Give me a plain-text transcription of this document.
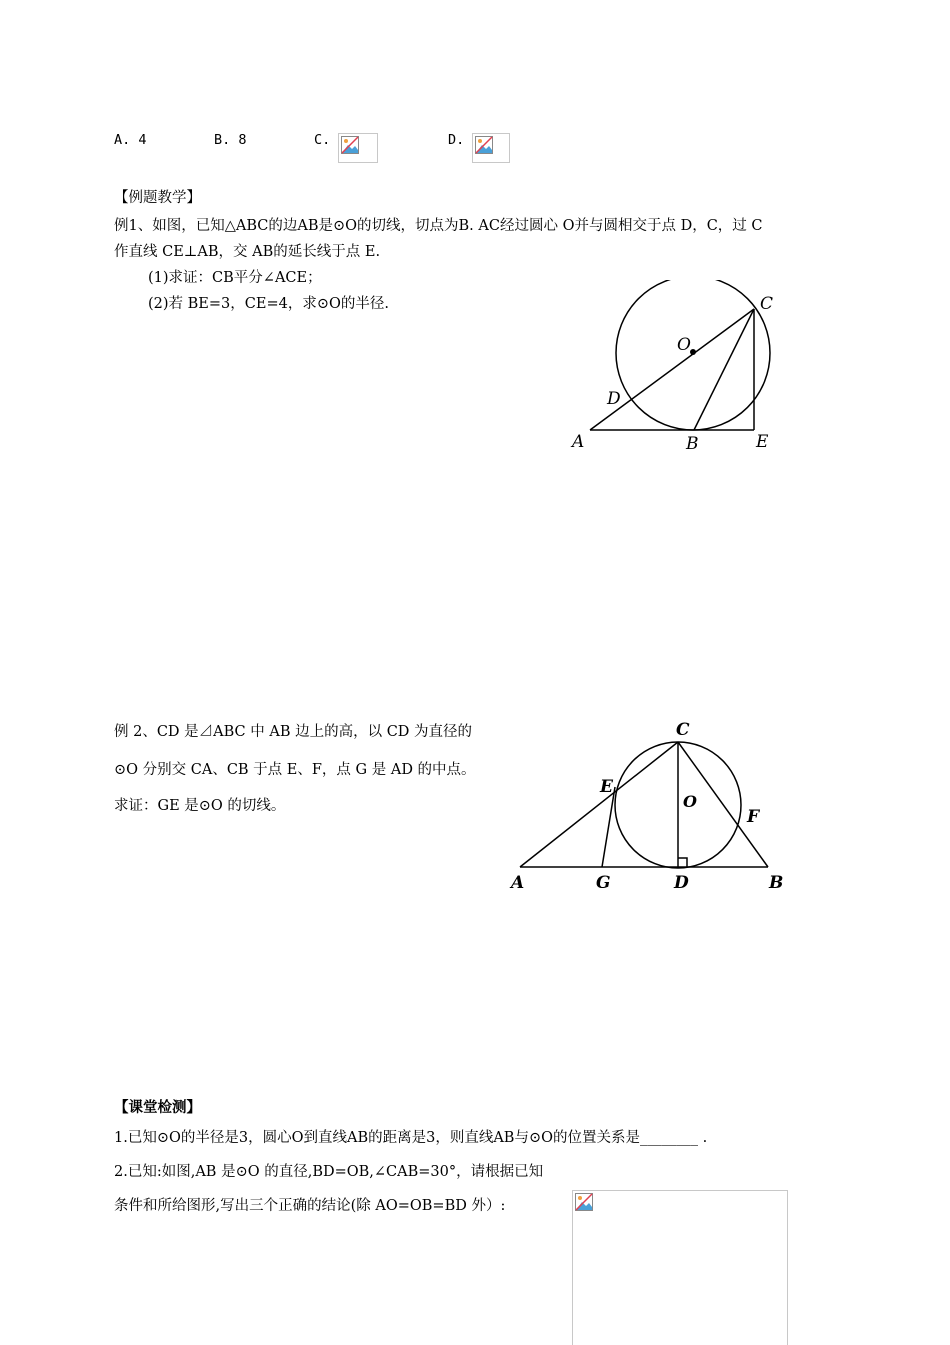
A. 4	B. 8	C.	D.
【例题教学】
例1、如图，已知△ABC的边AB是⊙O的切线，切点为B. AC经过圆心 O并与圆相交于点 D，C，过 C
作直线 CE⊥AB，交 AB的延长线于点 E.
(1)求证：CB平分∠ACE；
(2)若 BE=3，CE=4，求⊙O的半径.	C
O
D
A	B	E
例 2、CD 是⊿ABC 中 AB 边上的高，以 CD 为直径的
⊙O 分别交 CA、CB 于点 E、F，点 G 是 AD 的中点。
求证：GE 是⊙O 的切线。
C
E
O
F
A	G	D	B
【课堂检测】
1.已知⊙O的半径是3，圆心O到直线AB的距离是3，则直线AB与⊙O的位置关系是________ .
2.已知:如图,AB 是⊙O 的直径,BD=OB,∠CAB=30°，请根据已知
条件和所给图形,写出三个正确的结论(除 AO=OB=BD 外）:
